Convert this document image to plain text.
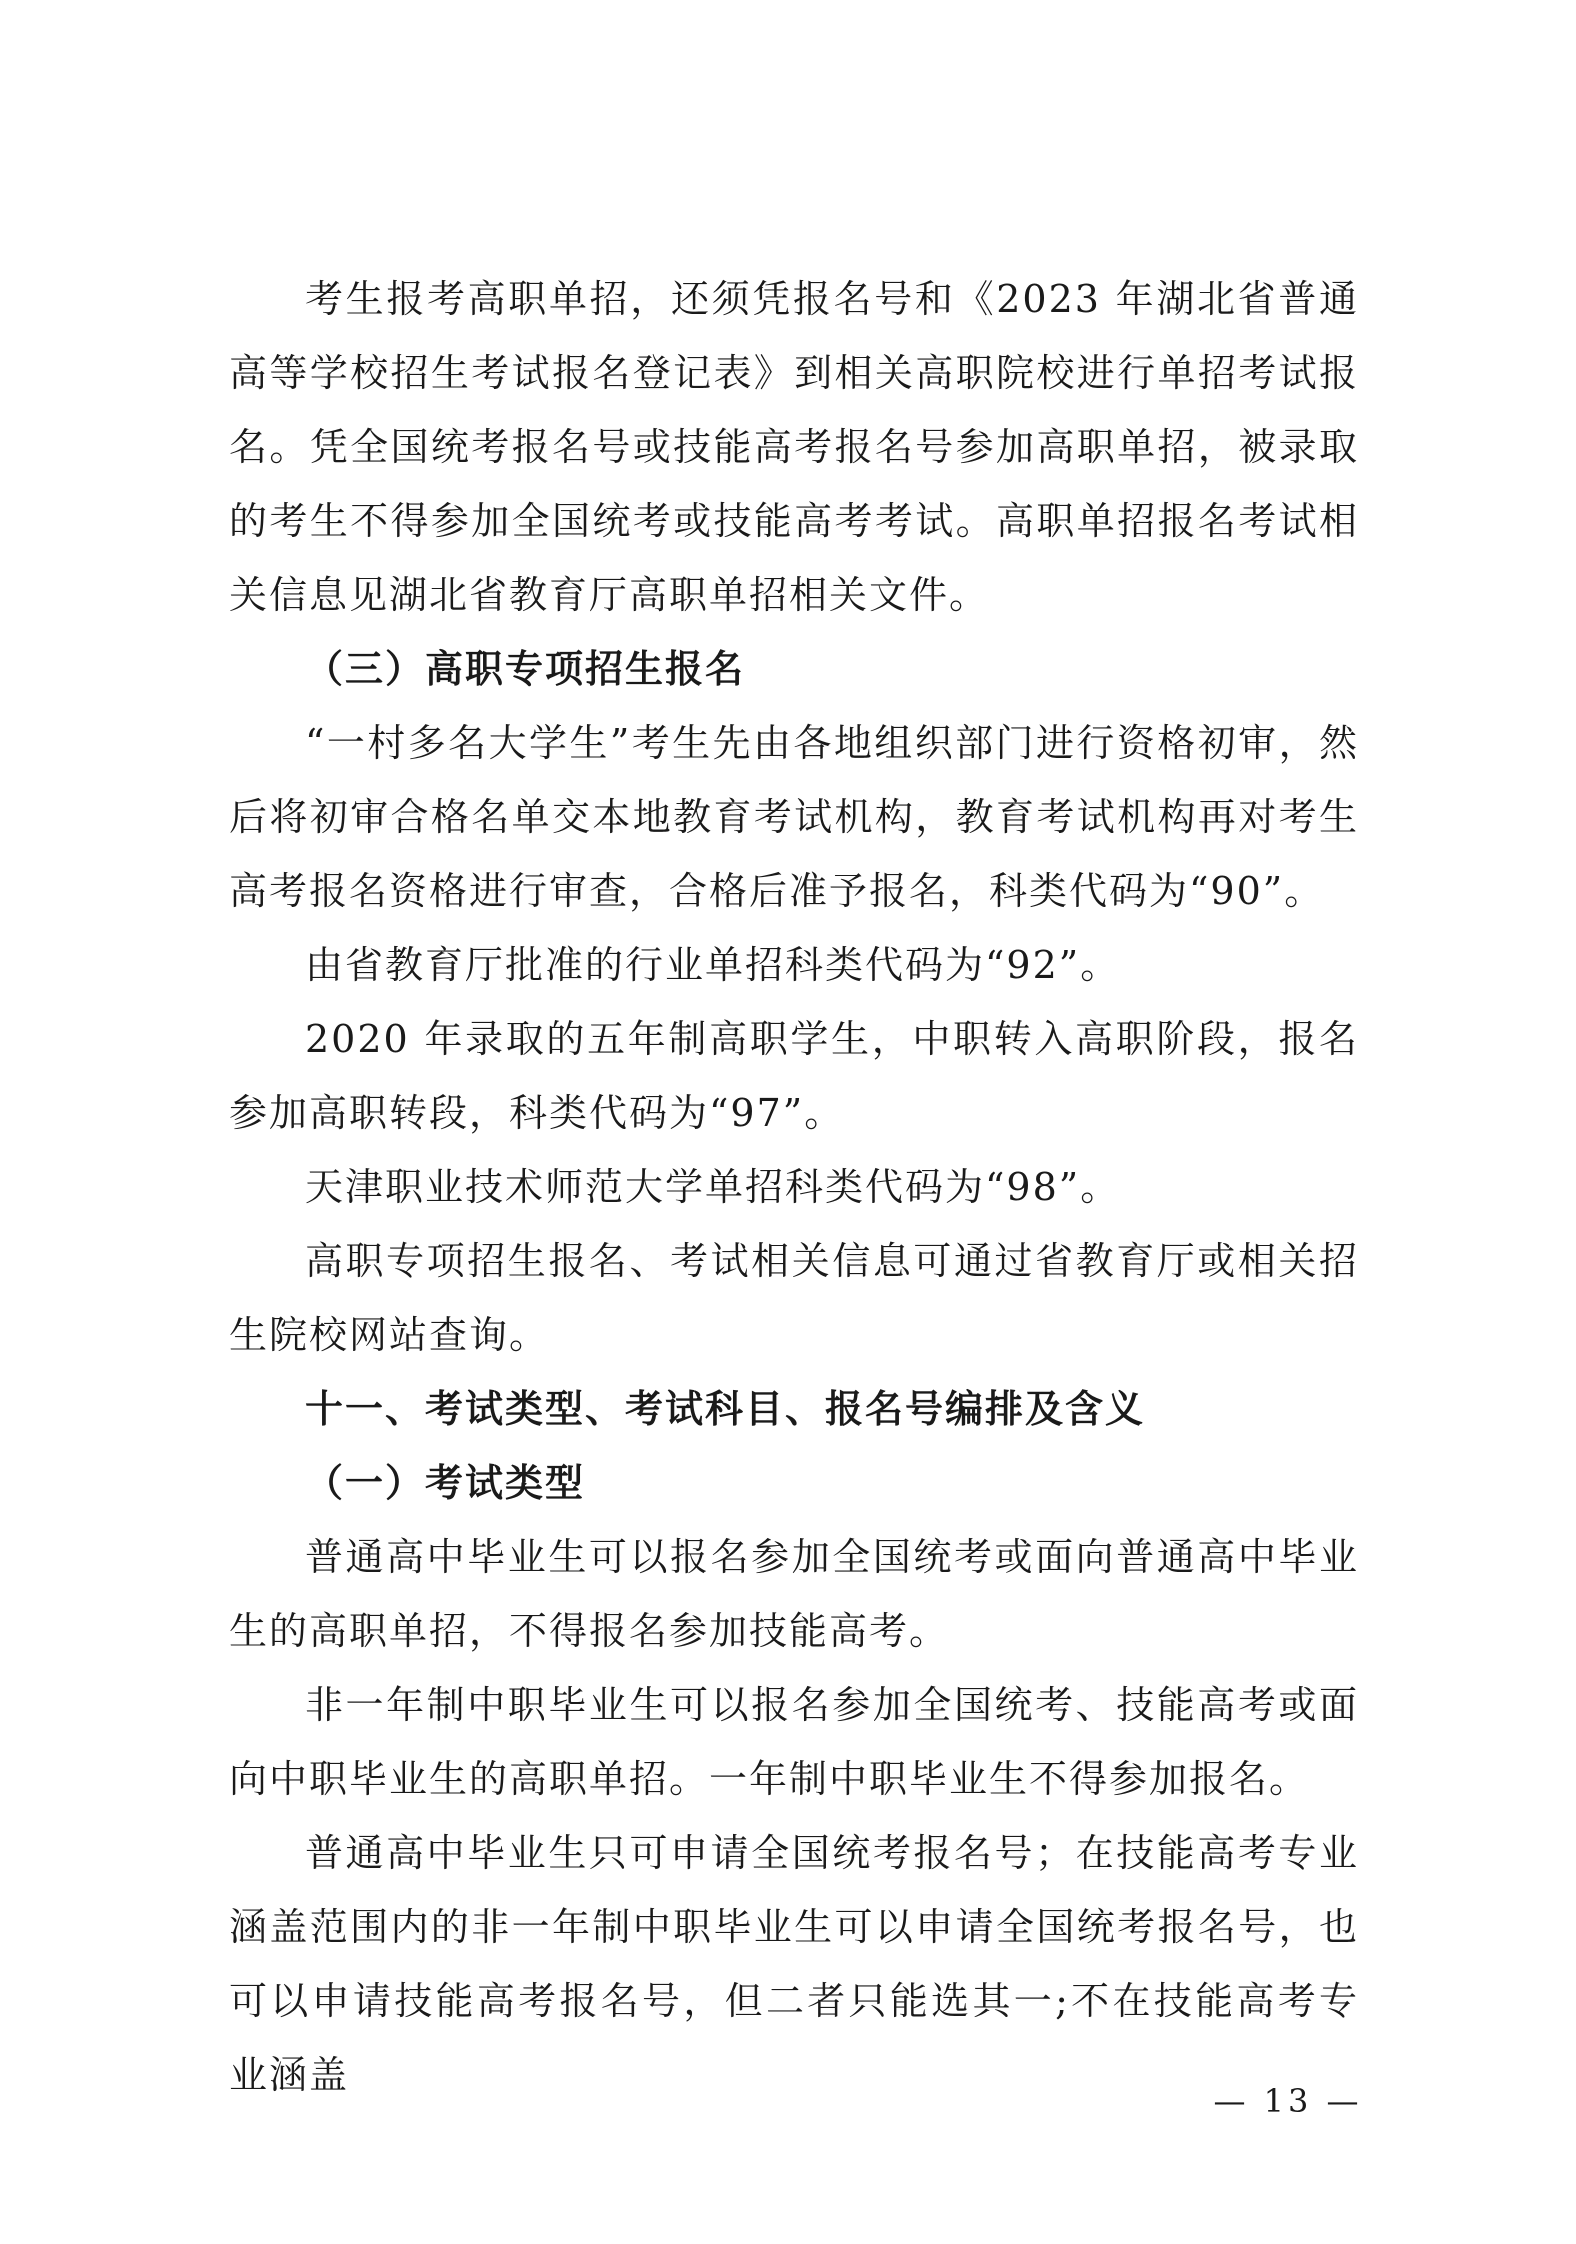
考生报考高职单招，还须凭报名号和《2023 年湖北省普通高等学校招生考试报名登记表》到相关高职院校进行单招考试报名。凭全国统考报名号或技能高考报名号参加高职单招，被录取的考生不得参加全国统考或技能高考考试。高职单招报名考试相关信息见湖北省教育厅高职单招相关文件。

（三）高职专项招生报名

“一村多名大学生”考生先由各地组织部门进行资格初审，然后将初审合格名单交本地教育考试机构，教育考试机构再对考生高考报名资格进行审查，合格后准予报名，科类代码为“90”。

由省教育厅批准的行业单招科类代码为“92”。

2020 年录取的五年制高职学生，中职转入高职阶段，报名参加高职转段，科类代码为“97”。

天津职业技术师范大学单招科类代码为“98”。

高职专项招生报名、考试相关信息可通过省教育厅或相关招生院校网站查询。

十一、考试类型、考试科目、报名号编排及含义

（一）考试类型

普通高中毕业生可以报名参加全国统考或面向普通高中毕业生的高职单招，不得报名参加技能高考。

非一年制中职毕业生可以报名参加全国统考、技能高考或面向中职毕业生的高职单招。一年制中职毕业生不得参加报名。

普通高中毕业生只可申请全国统考报名号；在技能高考专业涵盖范围内的非一年制中职毕业生可以申请全国统考报名号，也可以申请技能高考报名号，但二者只能选其一;不在技能高考专业涵盖

— 13 —
